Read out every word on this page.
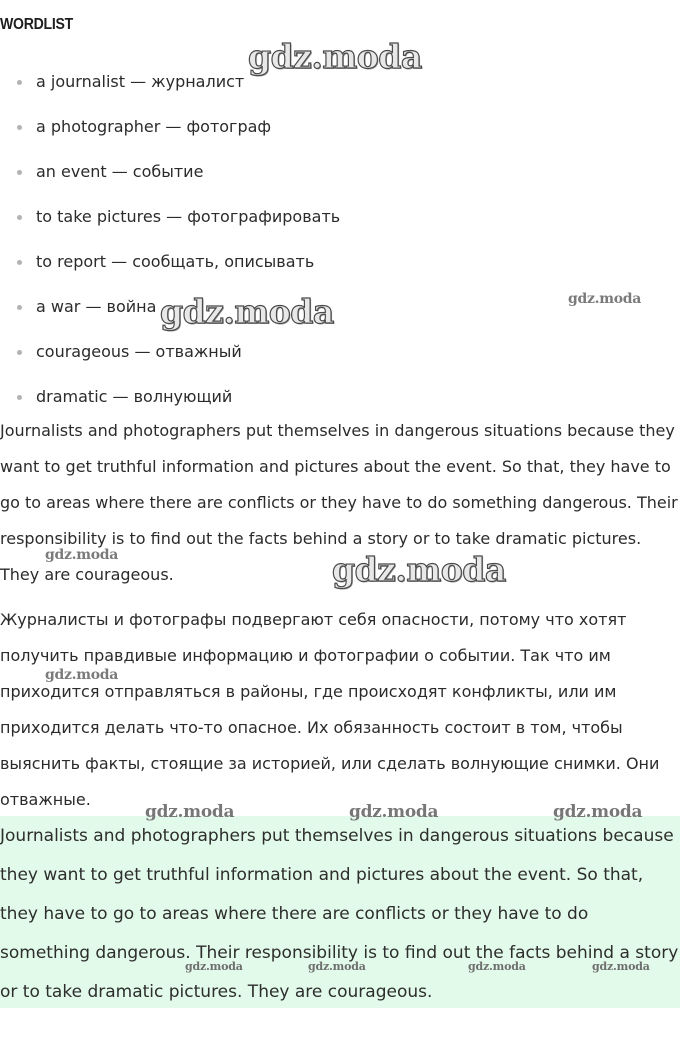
WORDLIST
a journalist — журналист
a photographer — фотограф
an event — событие
to take pictures — фотографировать
to report — сообщать, описывать
a war — война
courageous — отважный
dramatic — волнующий

Journalists and photographers put themselves in dangerous situations because they want to get truthful information and pictures about the event. So that, they have to go to areas where there are conflicts or they have to do something dangerous. Their responsibility is to find out the facts behind a story or to take dramatic pictures. They are courageous.

Журналисты и фотографы подвергают себя опасности, потому что хотят получить правдивые информацию и фотографии о событии. Так что им приходится отправляться в районы, где происходят конфликты, или им приходится делать что-то опасное. Их обязанность состоит в том, чтобы выяснить факты, стоящие за историей, или сделать волнующие снимки. Они отважные.

Journalists and photographers put themselves in dangerous situations because they want to get truthful information and pictures about the event. So that, they have to go to areas where there are conflicts or they have to do something dangerous. Their responsibility is to find out the facts behind a story or to take dramatic pictures. They are courageous.

gdz.moda
gdz.moda	gdz.moda
gdz.moda	gdz.moda
gdz.moda
gdz.moda	gdz.moda	gdz.moda
gdz.moda	gdz.moda	gdz.moda	gdz.moda
